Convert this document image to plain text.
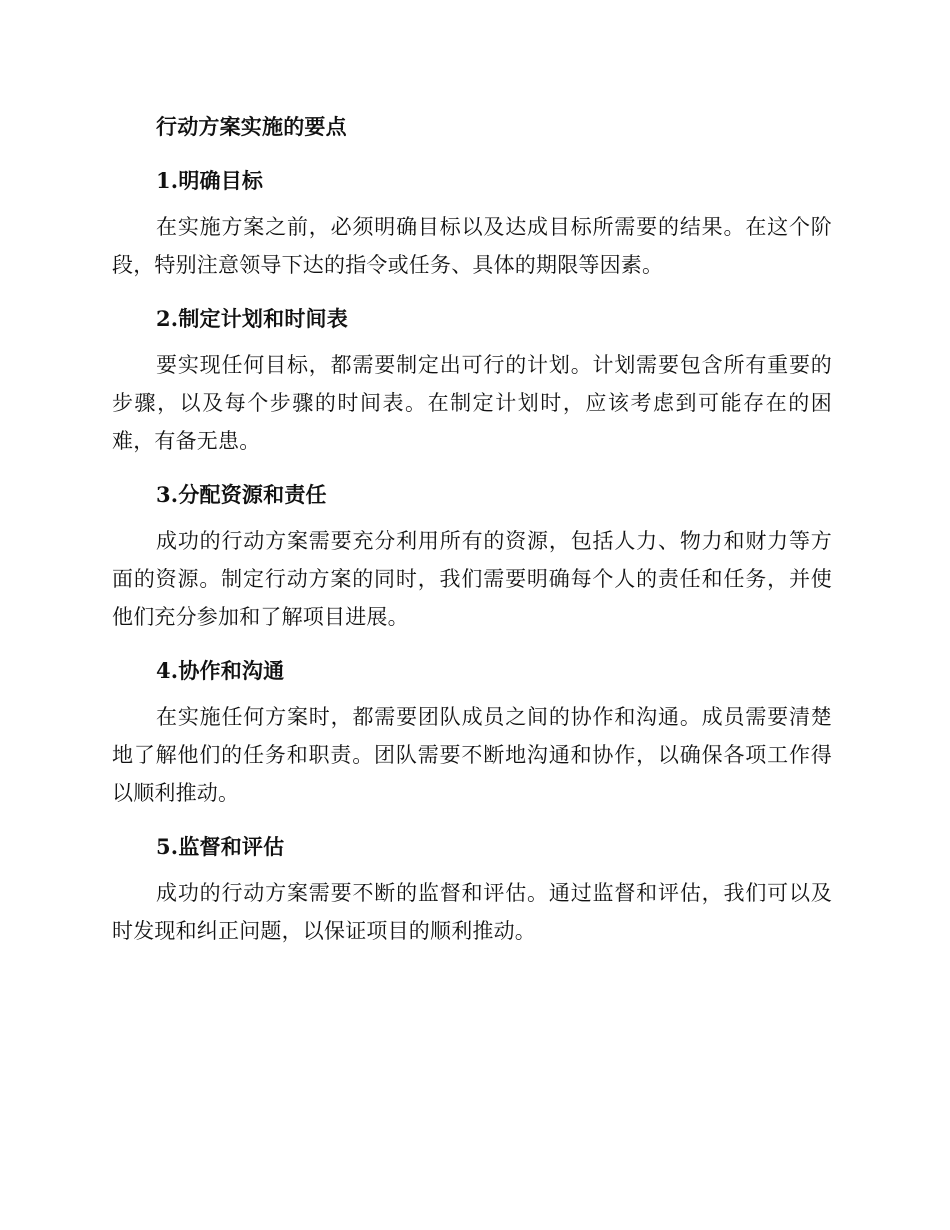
行动方案实施的要点
1.明确目标

在实施方案之前，必须明确目标以及达成目标所需要的结果。在这个阶段，特别注意领导下达的指令或任务、具体的期限等因素。

2.制定计划和时间表

要实现任何目标，都需要制定出可行的计划。计划需要包含所有重要的步骤，以及每个步骤的时间表。在制定计划时，应该考虑到可能存在的困难，有备无患。

3.分配资源和责任

成功的行动方案需要充分利用所有的资源，包括人力、物力和财力等方面的资源。制定行动方案的同时，我们需要明确每个人的责任和任务，并使他们充分参加和了解项目进展。

4.协作和沟通

在实施任何方案时，都需要团队成员之间的协作和沟通。成员需要清楚地了解他们的任务和职责。团队需要不断地沟通和协作，以确保各项工作得以顺利推动。

5.监督和评估

成功的行动方案需要不断的监督和评估。通过监督和评估，我们可以及时发现和纠正问题，以保证项目的顺利推动。
